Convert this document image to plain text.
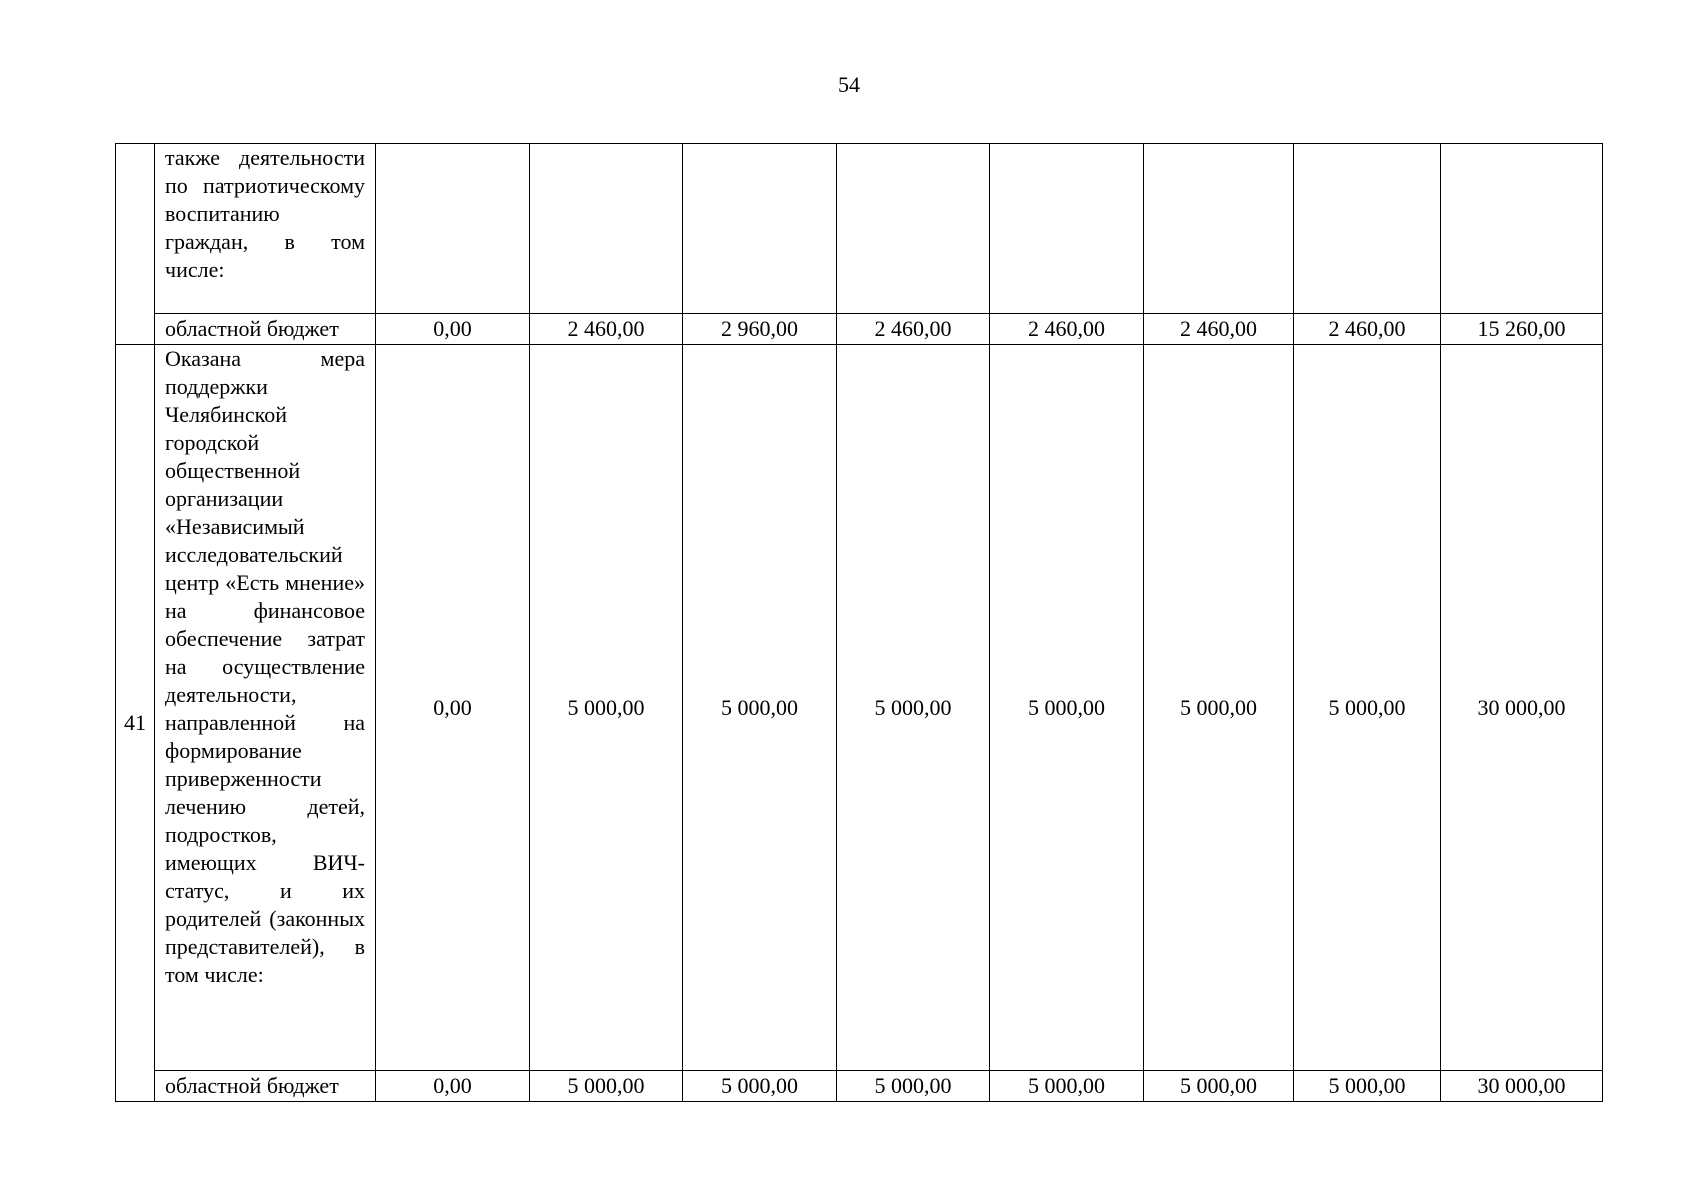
54
	также деятельности по патриотическому воспитанию граждан, в том числе:								
	областной бюджет	0,00	2 460,00	2 960,00	2 460,00	2 460,00	2 460,00	2 460,00	15 260,00
41	Оказана мера поддержки Челябинской городской общественной организации «Независимый исследовательский центр «Есть мнение» на финансовое обеспечение затрат на осуществление деятельности, направленной на формирование приверженности лечению детей, подростков, имеющих ВИЧ-статус, и их родителей (законных представителей), в том числе:	0,00	5 000,00	5 000,00	5 000,00	5 000,00	5 000,00	5 000,00	30 000,00
	областной бюджет	0,00	5 000,00	5 000,00	5 000,00	5 000,00	5 000,00	5 000,00	30 000,00
